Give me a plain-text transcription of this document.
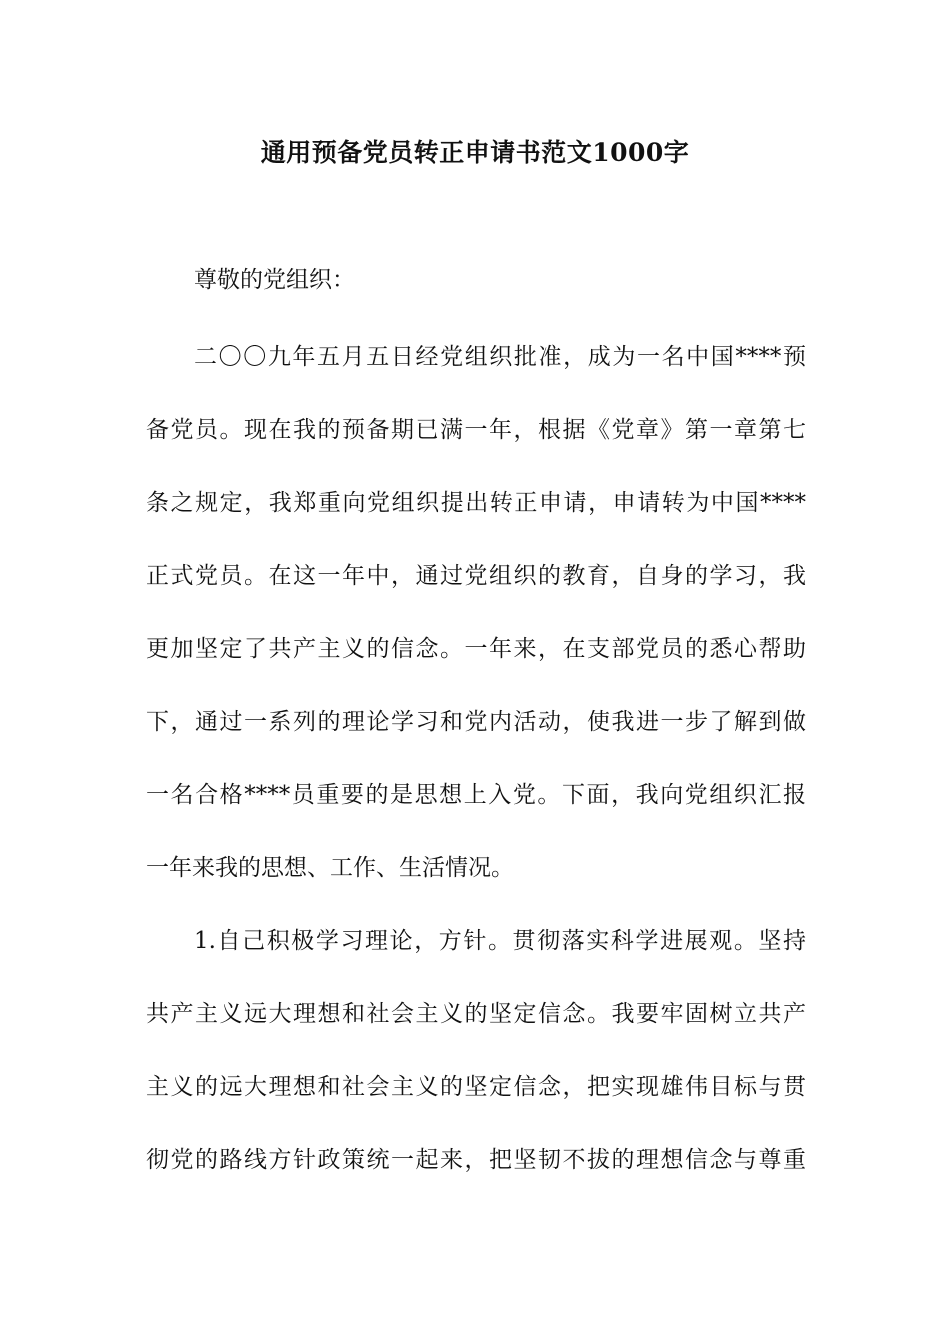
通用预备党员转正申请书范文1000字
尊敬的党组织：
二〇〇九年五月五日经党组织批准，成为一名中国****预
备党员。现在我的预备期已满一年，根据《党章》第一章第七
条之规定，我郑重向党组织提出转正申请，申请转为中国****
正式党员。在这一年中，通过党组织的教育，自身的学习，我
更加坚定了共产主义的信念。一年来，在支部党员的悉心帮助
下，通过一系列的理论学习和党内活动，使我进一步了解到做
一名合格****员重要的是思想上入党。下面，我向党组织汇报
一年来我的思想、工作、生活情况。
1.自己积极学习理论，方针。贯彻落实科学进展观。坚持
共产主义远大理想和社会主义的坚定信念。我要牢固树立共产
主义的远大理想和社会主义的坚定信念，把实现雄伟目标与贯
彻党的路线方针政策统一起来，把坚韧不拔的理想信念与尊重
